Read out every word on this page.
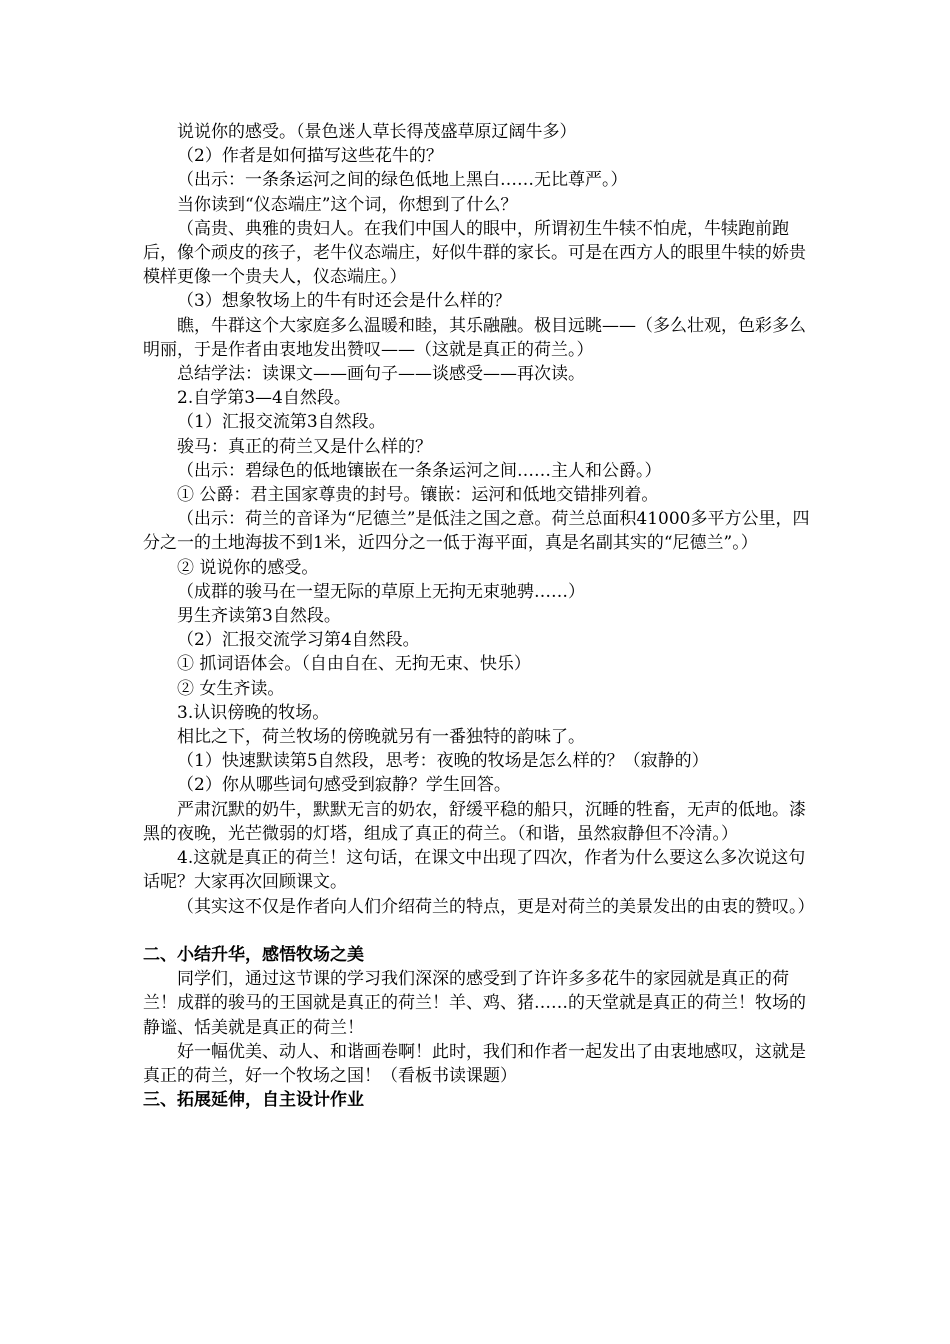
说说你的感受。（景色迷人草长得茂盛草原辽阔牛多）

（2）作者是如何描写这些花牛的？

（出示：一条条运河之间的绿色低地上黑白……无比尊严。）

当你读到“仪态端庄”这个词，你想到了什么？

（高贵、典雅的贵妇人。在我们中国人的眼中，所谓初生牛犊不怕虎，牛犊跑前跑后，像个顽皮的孩子，老牛仪态端庄，好似牛群的家长。可是在西方人的眼里牛犊的娇贵模样更像一个贵夫人，仪态端庄。）

（3）想象牧场上的牛有时还会是什么样的？

瞧，牛群这个大家庭多么温暖和睦，其乐融融。极目远眺——（多么壮观，色彩多么明丽，于是作者由衷地发出赞叹——（这就是真正的荷兰。）

总结学法：读课文——画句子——谈感受——再次读。

2.自学第3—4自然段。

（1）汇报交流第3自然段。

骏马：真正的荷兰又是什么样的？

（出示：碧绿色的低地镶嵌在一条条运河之间……主人和公爵。）

① 公爵：君主国家尊贵的封号。镶嵌：运河和低地交错排列着。

（出示：荷兰的音译为“尼德兰”是低洼之国之意。荷兰总面积41000多平方公里，四分之一的土地海拔不到1米，近四分之一低于海平面，真是名副其实的“尼德兰”。）

② 说说你的感受。

（成群的骏马在一望无际的草原上无拘无束驰骋……）

男生齐读第3自然段。

（2）汇报交流学习第4自然段。

① 抓词语体会。（自由自在、无拘无束、快乐）

② 女生齐读。

3.认识傍晚的牧场。

相比之下，荷兰牧场的傍晚就另有一番独特的韵味了。

（1）快速默读第5自然段，思考：夜晚的牧场是怎么样的？（寂静的）

（2）你从哪些词句感受到寂静？学生回答。

严肃沉默的奶牛，默默无言的奶农，舒缓平稳的船只，沉睡的牲畜，无声的低地。漆黑的夜晚，光芒微弱的灯塔，组成了真正的荷兰。（和谐，虽然寂静但不冷清。）

4.这就是真正的荷兰！这句话，在课文中出现了四次，作者为什么要这么多次说这句话呢？大家再次回顾课文。

（其实这不仅是作者向人们介绍荷兰的特点，更是对荷兰的美景发出的由衷的赞叹。）

二、小结升华，感悟牧场之美

同学们，通过这节课的学习我们深深的感受到了许许多多花牛的家园就是真正的荷兰！成群的骏马的王国就是真正的荷兰！羊、鸡、猪……的天堂就是真正的荷兰！牧场的静谧、恬美就是真正的荷兰！

好一幅优美、动人、和谐画卷啊！此时，我们和作者一起发出了由衷地感叹，这就是真正的荷兰，好一个牧场之国！（看板书读课题）

三、拓展延伸，自主设计作业
